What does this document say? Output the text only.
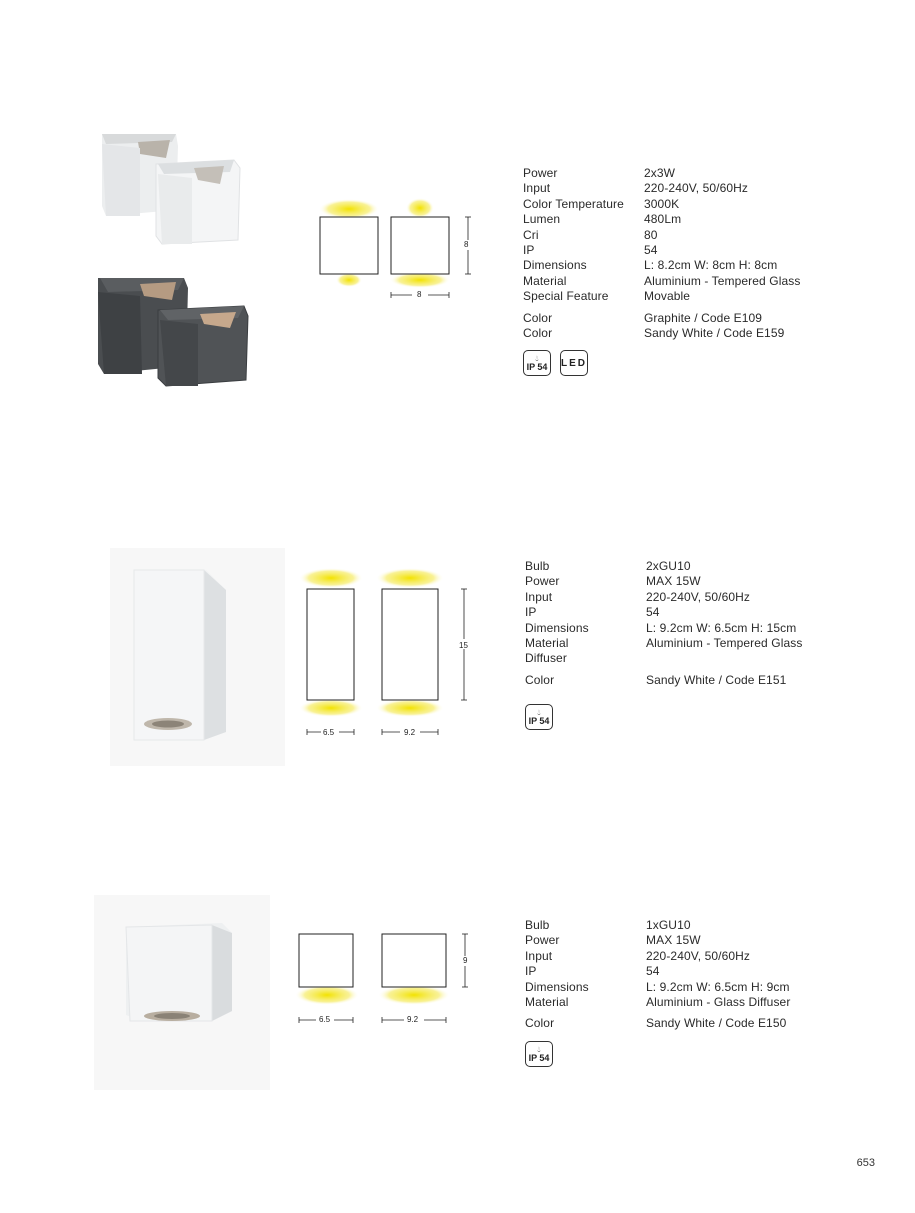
8
8
Power	2x3W
Input	220-240V, 50/60Hz
Color Temperature	3000K
Lumen	480Lm
Cri	80
IP	54
Dimensions	L: 8.2cm W: 8cm H: 8cm
Material	Aluminium - Tempered Glass
Special Feature	Movable
Color	Graphite / Code E109
Color	Sandy White / Code E159
💧︎
IP 54 LED
15
6.5	9.2
Bulb	2xGU10
Power	MAX 15W
Input	220-240V, 50/60Hz
IP	54
Dimensions	L: 9.2cm W: 6.5cm H: 15cm
Material	Aluminium - Tempered Glass
Diffuser
Color	Sandy White / Code E151
💧︎
IP 54
9
6.5	9.2
Bulb	1xGU10
Power	MAX 15W
Input	220-240V, 50/60Hz
IP	54
Dimensions	L: 9.2cm W: 6.5cm H: 9cm
Material	Aluminium - Glass Diffuser
Color	Sandy White / Code E150
💧︎
IP 54
653
